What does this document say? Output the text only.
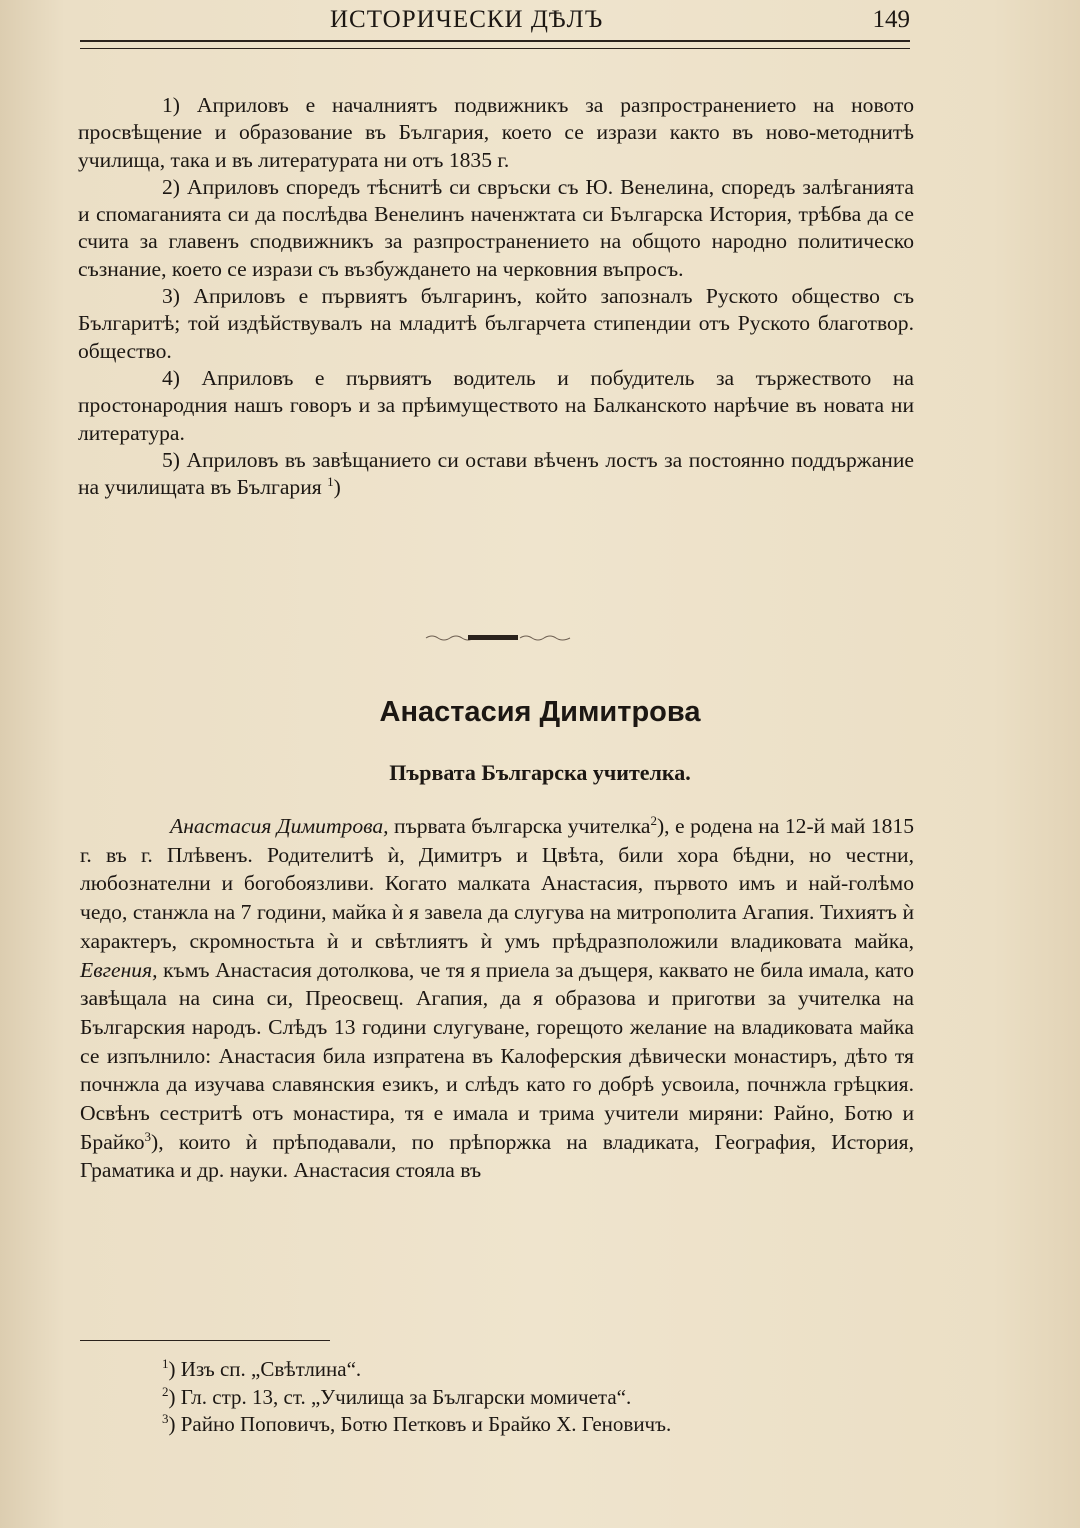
ИСТОРИЧЕСКИ ДѢЛЪ	149

1) Априловъ е началниятъ подвижникъ за разпространението на новото просвѣщение и образование въ България, което се изрази както въ ново-методнитѣ училища, така и въ литературата ни отъ 1835 г.

2) Априловъ споредъ тѣснитѣ си свръски съ Ю. Венелина, споредъ залѣганията и спомаганията си да послѣдва Венелинъ наченжтата си Българска История, трѣбва да се счита за главенъ сподвижникъ за разпространението на общото народно политическо съзнание, което се изрази съ възбуждането на черковния въпросъ.

3) Априловъ е първиятъ българинъ, който запозналъ Руското общество съ Българитѣ; той издѣйствувалъ на младитѣ българчета стипендии отъ Руското благотвор. общество.

4) Априловъ е първиятъ водитель и побудитель за тържеството на простонародния нашъ говоръ и за прѣимуществото на Балканското нарѣчие въ новата ни литература.

5) Априловъ въ завѣщанието си остави вѣченъ лостъ за постоянно поддържание на училищата въ България $^1$)

Анастасия Димитрова
Първата Българска учителка.

Анастасия Димитрова, първата българска учителка$^2$), е родена на 12-й май 1815 г. въ г. Плѣвенъ. Родителитѣ ѝ, Димитръ и Цвѣта, били хора бѣдни, но честни, любознателни и богобоязливи. Когато малката Анастасия, първото имъ и най-голѣмо чедо, станжла на 7 години, майка ѝ я завела да слугува на митрополита Агапия. Тихиятъ ѝ характеръ, скромностьта ѝ и свѣтлиятъ ѝ умъ прѣдразположили владиковата майка, Евгения, къмъ Анастасия дотолкова, че тя я приела за дъщеря, каквато не била имала, като завѣщала на сина си, Преосвещ. Агапия, да я образова и приготви за учителка на Българския народъ. Слѣдъ 13 години слугуване, горещото желание на владиковата майка се изпълнило: Анастасия била изпратена въ Калоферския дѣвически монастиръ, дѣто тя почнжла да изучава славянския езикъ, и слѣдъ като го добрѣ усвоила, почнжла грѣцкия. Освѣнъ сестритѣ отъ монастира, тя е имала и трима учители миряни: Райно, Ботю и Брайко$^3$), които ѝ прѣподавали, по прѣпоржка на владиката, География, История, Граматика и др. науки. Анастасия стояла въ

$^1$) Изъ сп. „Свѣтлина“.
$^2$) Гл. стр. 13, ст. „Училища за Български момичета“.
$^3$) Райно Поповичъ, Ботю Петковъ и Брайко Х. Геновичъ.
